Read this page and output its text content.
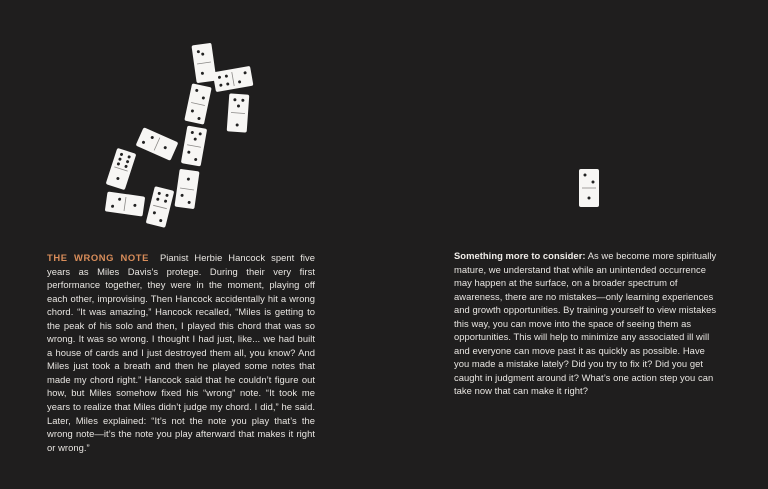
THE WRONG NOTE Pianist Herbie Hancock spent five years as Miles Davis’s protege. During their very first performance together, they were in the moment, playing off each other, improvising. Then Hancock accidentally hit a wrong chord. “It was amazing,” Hancock recalled, “Miles is getting to the peak of his solo and then, I played this chord that was so wrong. It was so wrong. I thought I had just, like... we had built a house of cards and I just destroyed them all, you know? And Miles just took a breath and then he played some notes that made my chord right.” Hancock said that he couldn’t figure out how, but Miles somehow fixed his “wrong” note. “It took me years to realize that Miles didn’t judge my chord. I did,” he said. Later, Miles explained: “It’s not the note you play that’s the wrong note—it’s the note you play afterward that makes it right or wrong.”
Something more to consider: As we become more spiritually mature, we understand that while an unintended occurrence may happen at the surface, on a broader spectrum of awareness, there are no mistakes—only learning experiences and growth opportunities. By training yourself to view mistakes this way, you can move into the space of seeing them as opportunities. This will help to minimize any associated ill will and everyone can move past it as quickly as possible. Have you made a mistake lately? Did you try to fix it? Did you get caught in judgment around it? What’s one action step you can take now that can make it right?
